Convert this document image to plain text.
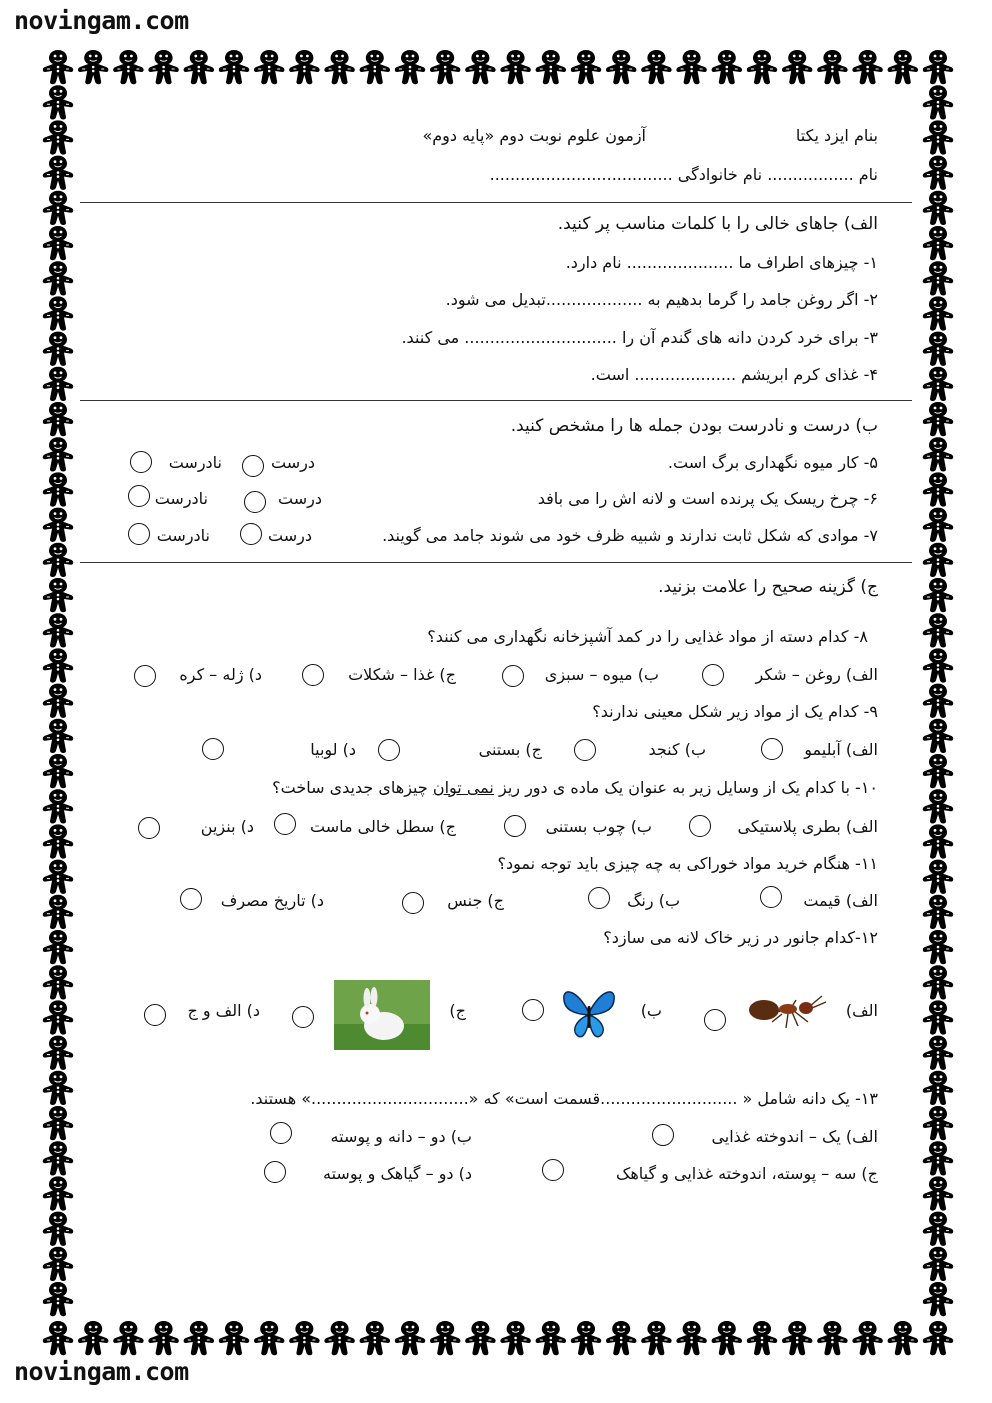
novingam.com
novingam.com
بنام ایزد یکتا
آزمون علوم نوبت دوم «پایه دوم»
نام ................. نام خانوادگی ....................................
الف) جاهای خالی را با کلمات مناسب پر کنید.
۱- چیزهای اطراف ما ..................... نام دارد.
۲- اگر روغن جامد را گرما بدهیم به ...................تبدیل می شود.
۳- برای خرد کردن دانه های گندم آن را .............................. می کنند.
۴- غذای کرم ابریشم .................... است.
ب) درست و نادرست بودن جمله ها را مشخص کنید.
۵- کار میوه نگهداری برگ است.
درست
نادرست
۶- چرخ ریسک یک پرنده است و لانه اش را می بافد
درست
نادرست
۷- موادی که شکل ثابت ندارند و شبیه ظرف خود می شوند جامد می گویند.
درست
نادرست
ج) گزینه صحیح را علامت بزنید.
۸- کدام دسته از مواد غذایی را در کمد آشپزخانه نگهداری می کنند؟
الف) روغن – شکر
ب) میوه – سبزی
ج) غذا – شکلات
د) ژله – کره
۹- کدام یک از مواد زیر شکل معینی ندارند؟
الف) آبلیمو
ب) کنجد
ج) بستنی
د) لوبیا
۱۰- با کدام یک از وسایل زیر به عنوان یک ماده ی دور ریز نمی توان چیزهای جدیدی ساخت؟
الف) بطری پلاستیکی
ب) چوب بستنی
ج) سطل خالی ماست
د) بنزین
۱۱- هنگام خرید مواد خوراکی به چه چیزی باید توجه نمود؟
الف) قیمت
ب) رنگ
ج) جنس
د) تاریخ مصرف
۱۲-کدام جانور در زیر خاک لانه می سازد؟
الف)
ب)
ج)
د) الف و ج
۱۳- یک دانه شامل « ...........................قسمت است» که «...............................» هستند.
الف) یک – اندوخته غذایی
ب) دو – دانه و پوسته
ج) سه – پوسته، اندوخته غذایی و گیاهک
د) دو – گیاهک و پوسته
